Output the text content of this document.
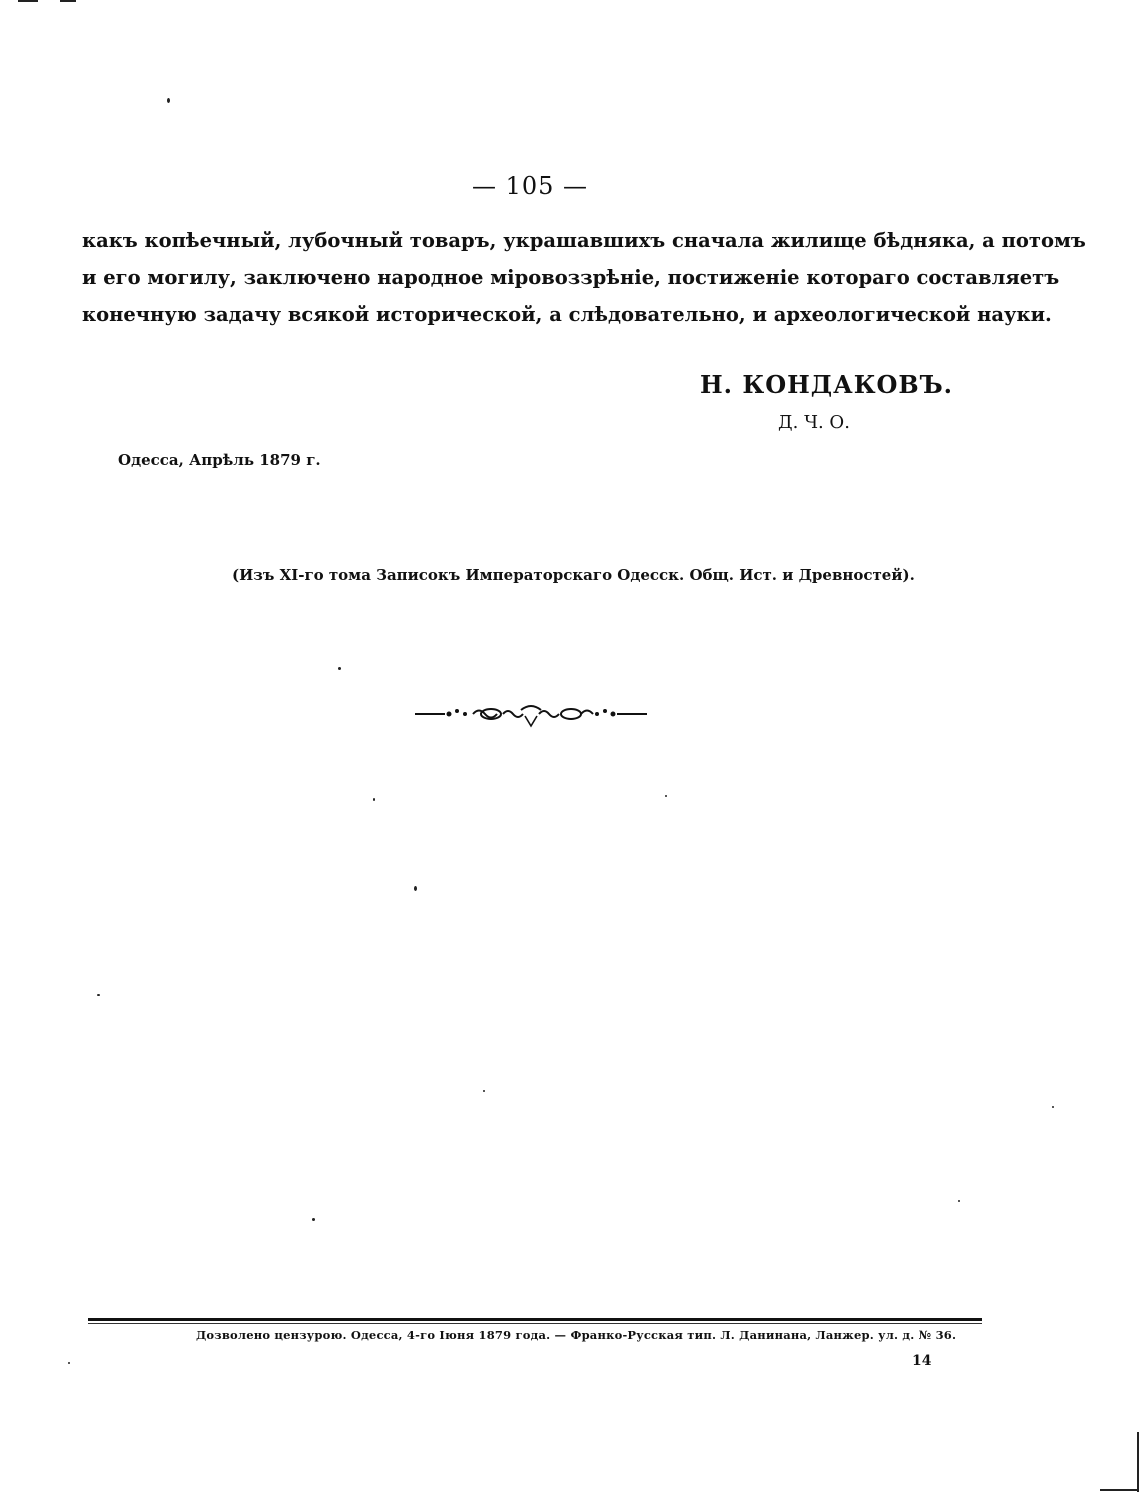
— 105 —
какъ копѣечный, лубочный товаръ, украшавшихъ сначала жилище бѣдняка, а потомъ
и его могилу, заключено народное міровоззрѣніе, постиженіе котораго составляетъ
конечную задачу всякой исторической, а слѣдовательно, и археологической науки.
Н. КОНДАКОВЪ.
Д. Ч. О.
Одесса, Апрѣль 1879 г.
(Изъ XI-го тома Записокъ Императорскаго Одесск. Общ. Ист. и Древностей).
Дозволено цензурою. Одесса, 4-го Іюня 1879 года. — Франко-Русская тип. Л. Данинана, Ланжер. ул. д. № 36.
14
